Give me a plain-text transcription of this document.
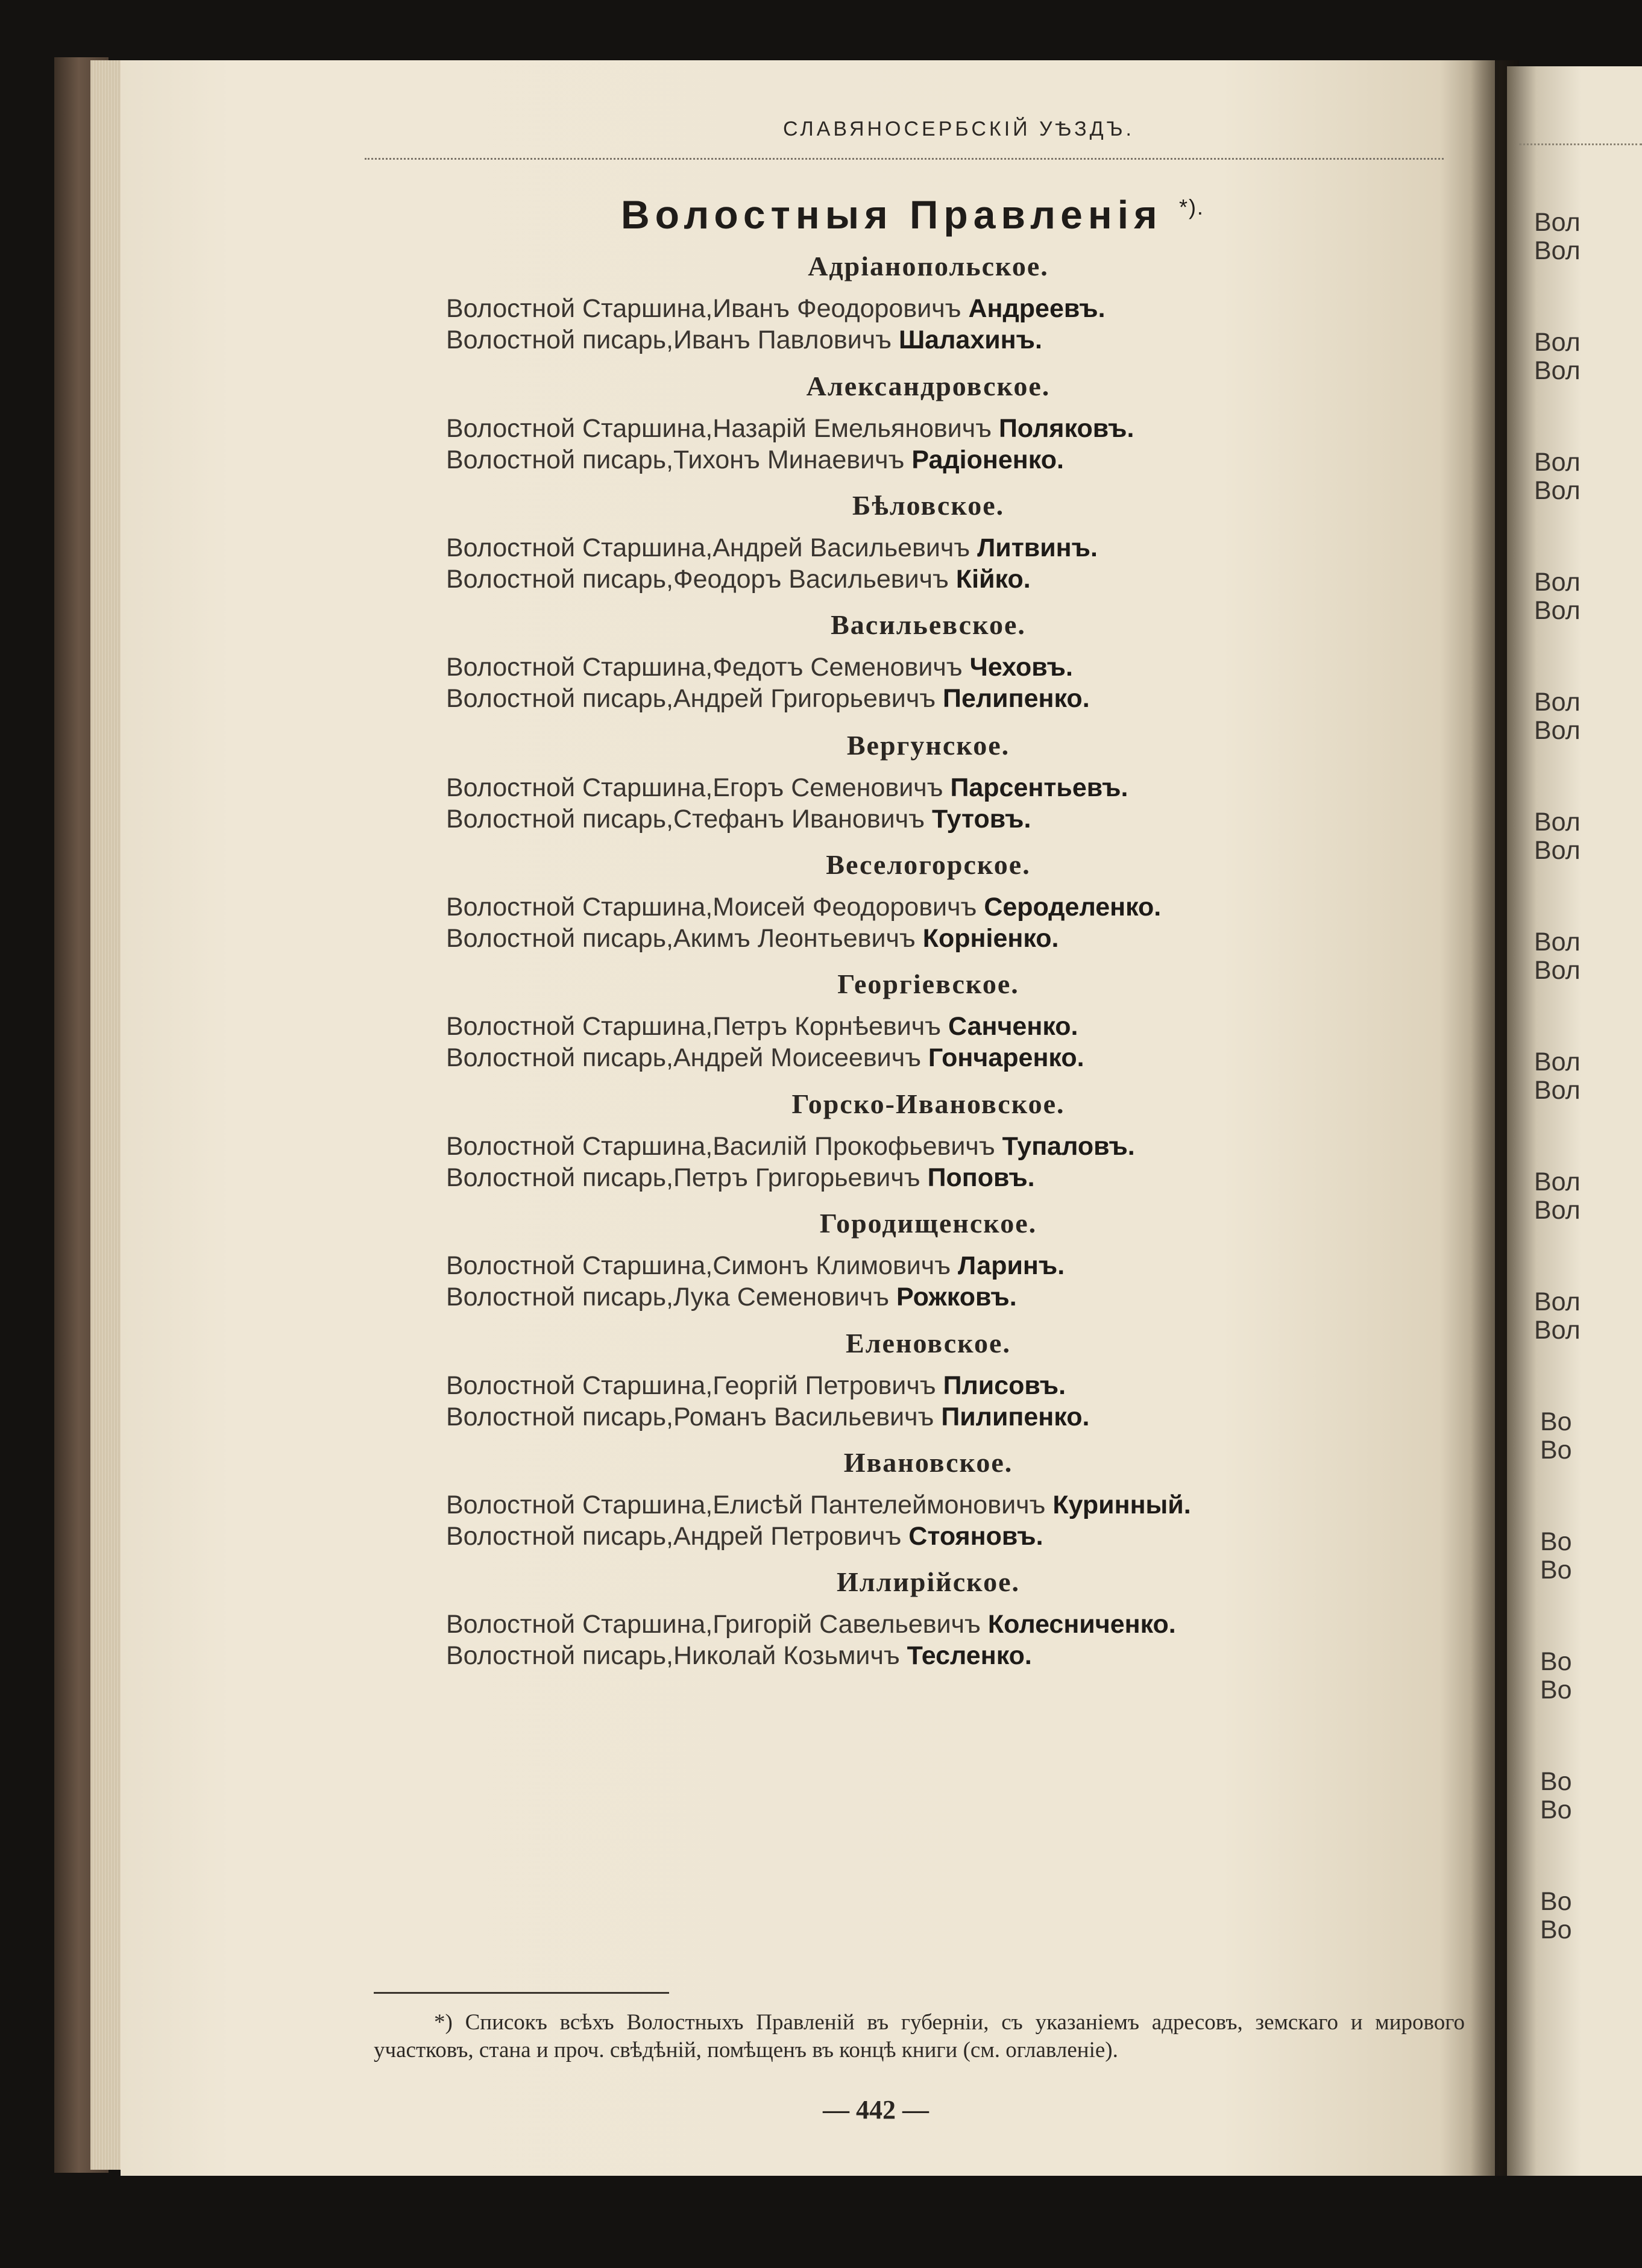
СЛАВЯНОСЕРБСКІЙ УѢЗДЪ.
Волостныя Правленія *).
Адріанопольское.
Волостной Старшина,Иванъ Феодоровичъ Андреевъ.
Волостной писарь,Иванъ Павловичъ Шалахинъ.
Александровское.
Волостной Старшина,Назарій Емельяновичъ Поляковъ.
Волостной писарь,Тихонъ Минаевичъ Радіоненко.
Бѣловское.
Волостной Старшина,Андрей Васильевичъ Литвинъ.
Волостной писарь,Феодоръ Васильевичъ Кійко.
Васильевское.
Волостной Старшина,Федотъ Семеновичъ Чеховъ.
Волостной писарь,Андрей Григорьевичъ Пелипенко.
Вергунское.
Волостной Старшина,Егоръ Семеновичъ Парсентьевъ.
Волостной писарь,Стефанъ Ивановичъ Тутовъ.
Веселогорское.
Волостной Старшина,Моисей Феодоровичъ Сероделенко.
Волостной писарь,Акимъ Леонтьевичъ Корніенко.
Георгіевское.
Волостной Старшина,Петръ Корнѣевичъ Санченко.
Волостной писарь,Андрей Моисеевичъ Гончаренко.
Горско-Ивановское.
Волостной Старшина,Василій Прокофьевичъ Тупаловъ.
Волостной писарь,Петръ Григорьевичъ Поповъ.
Городищенское.
Волостной Старшина,Симонъ Климовичъ Ларинъ.
Волостной писарь,Лука Семеновичъ Рожковъ.
Еленовское.
Волостной Старшина,Георгій Петровичъ Плисовъ.
Волостной писарь,Романъ Васильевичъ Пилипенко.
Ивановское.
Волостной Старшина,Елисѣй Пантелеймоновичъ Куринный.
Волостной писарь,Андрей Петровичъ Стояновъ.
Иллирійское.
Волостной Старшина,Григорій Савельевичъ Колесниченко.
Волостной писарь,Николай Козьмичъ Тесленко.
*) Списокъ всѣхъ Волостныхъ Правленій въ губерніи, съ указаніемъ адресовъ, земскаго и мирового участковъ, стана и проч. свѣдѣній, помѣщенъ въ концѣ книги (см. оглавленіе).
— 442 —
Вол
Вол
Вол
Вол
Вол
Вол
Вол
Вол
Вол
Вол
Вол
Вол
Вол
Вол
Вол
Вол
Вол
Вол
Вол
Вол
Во
Во
Во
Во
Во
Во
Во
Во
Во
Во
